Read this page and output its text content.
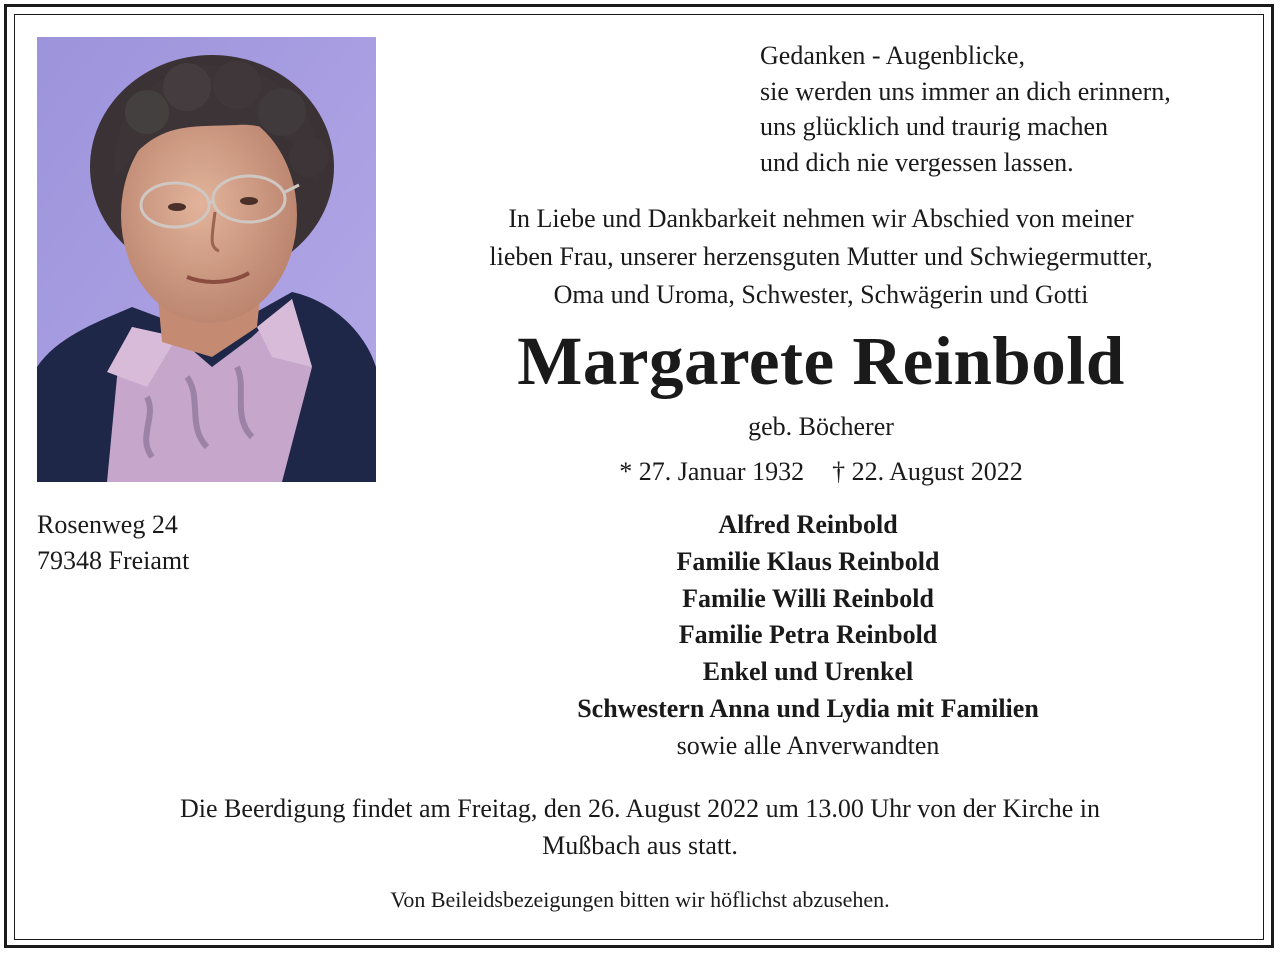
Gedanken - Augenblicke,
sie werden uns immer an dich erinnern,
uns glücklich und traurig machen
und dich nie vergessen lassen.
In Liebe und Dankbarkeit nehmen wir Abschied von meiner
lieben Frau, unserer herzensguten Mutter und Schwiegermutter,
Oma und Uroma, Schwester, Schwägerin und Gotti
Margarete Reinbold
geb. Böcherer
* 27. Januar 1932 † 22. August 2022
Rosenweg 24
79348 Freiamt
Alfred Reinbold
Familie Klaus Reinbold
Familie Willi Reinbold
Familie Petra Reinbold
Enkel und Urenkel
Schwestern Anna und Lydia mit Familien
sowie alle Anverwandten
Die Beerdigung findet am Freitag, den 26. August 2022 um 13.00 Uhr von der Kirche in
Mußbach aus statt.
Von Beileidsbezeigungen bitten wir höflichst abzusehen.
